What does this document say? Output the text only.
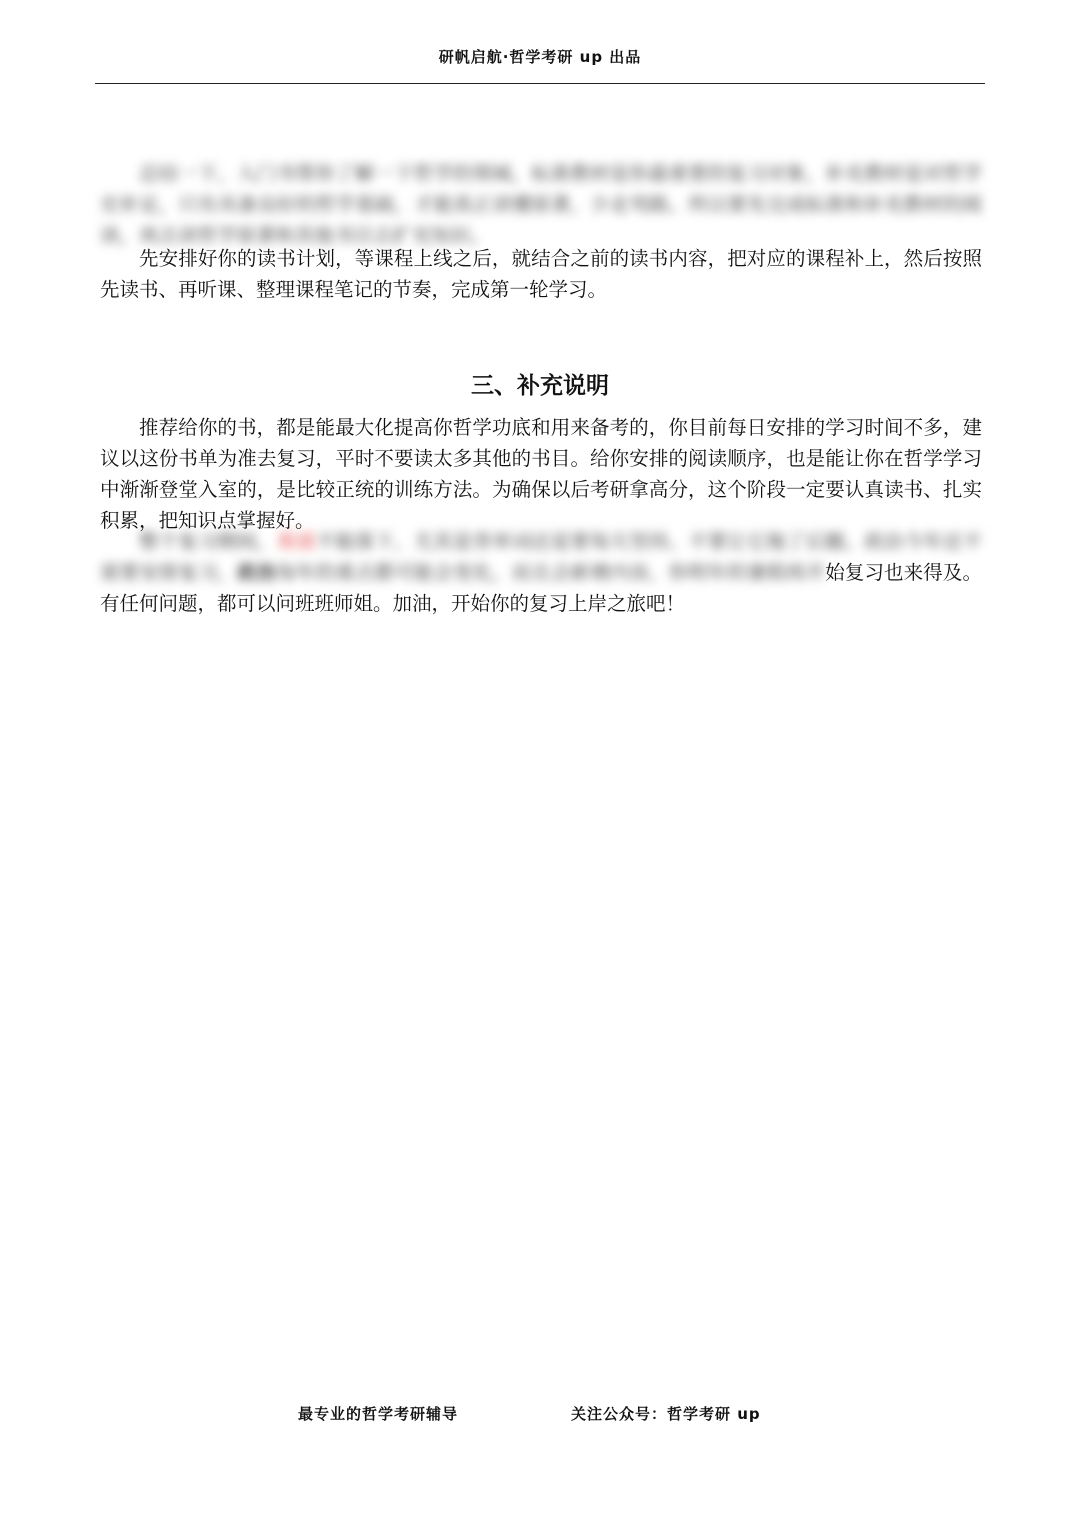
研帆启航·哲学考研 up 出品

总结一下，入门书帮你了解一下哲学的领域，标准教材是你最重要的复习对象，补充教材是对哲学史补足，只有具备良好的哲学基础，才能真正读懂原著，少走弯路。所以要先完成标准和补充教材的阅读，再去读哲学原著和其他书目去扩充知识。

先安排好你的读书计划，等课程上线之后，就结合之前的读书内容，把对应的课程补上，然后按照先读书、再听课、整理课程笔记的节奏，完成第一轮学习。

三、补充说明

推荐给你的书，都是能最大化提高你哲学功底和用来备考的，你目前每日安排的学习时间不多，建议以这份书单为准去复习，平时不要读太多其他的书目。给你安排的阅读顺序，也是能让你在哲学学习中渐渐登堂入室的，是比较正统的训练方法。为确保以后考研拿高分，这个阶段一定要认真读书、扎实积累，把知识点掌握好。

整个复习期间，英语不能落下，尤其是背单词还是要每天坚持。不要让它拖了后腿。政治今年还不需要安排复习，政治每年的重点都可能会变化，而且会新增内容，你明年的暑假再开始复习也来得及。有任何问题，都可以问班班师姐。加油，开始你的复习上岸之旅吧！

最专业的哲学考研辅导	关注公众号：哲学考研 up
